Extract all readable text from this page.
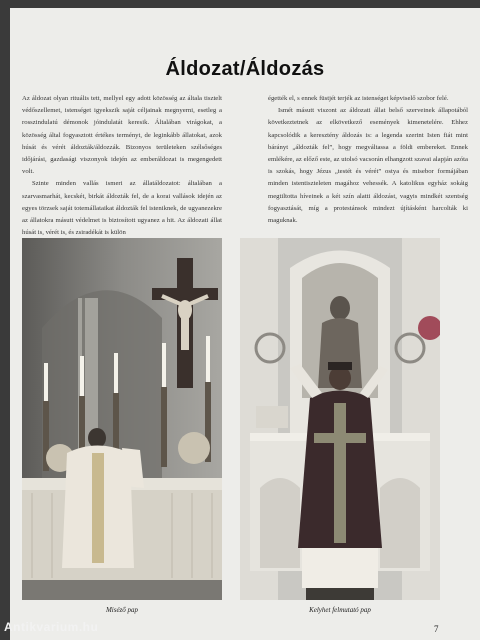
Áldozat/Áldozás

Az áldozat olyan rituális tett, mellyel egy adott közösség az általa tisztelt védőszellemet, istenséget igyekszik saját céljainak megnyerni, esetleg a rosszindulatú démonok jóindulatát keresik. Általában virágokat, a közösség által fogyasztott értékes terményt, de leginkább állatokat, azok húsát és vérét áldozták/áldozzák. Bizonyos területeken szélsőséges időjárási, gazdasági viszonyok idején az emberáldozat is megengedett volt.

Szinte minden vallás ismeri az állatáldozatot: általában a szarvasmarhát, kecskét, birkát áldozták fel, de a korai vallások idején az egyes törzsek saját totemállataikat áldozták fel isteniknek, de ugyanezekre az állatokra másutt védelmet is biztosított ugyanez a hit. Az áldozati állat húsát is, vérét is, és zsiradékát is külön

égették el, s ennek füstjét terjék az istenséget képviselő szobor felé.

Ismét másutt viszont az áldozati állat belső szerveinek állapotából következtetnek az elkövetkező események kimenetelére. Ehhez kapcsolódik a keresztény áldozás is: a legenda szerint Isten fiát mint bárányt „áldozták fel”, hogy megváltassa a földi embereket. Ennek emlékére, az előző este, az utolsó vacsorán elhangzott szavai alapján azóta is szokás, hogy Jézus „testét és vérét” ostya és misebor formájában minden istentiszteleten magához vehessék. A katolikus egyház sokáig megtiltotta híveinek a két szín alatti áldozást, vagyis mindkét szentség fogyasztását, míg a protestánsok mindezt újításként harcolták ki maguknak.

Miséző pap	Kelyhet felmutató pap
7
Antikvarium.hu
